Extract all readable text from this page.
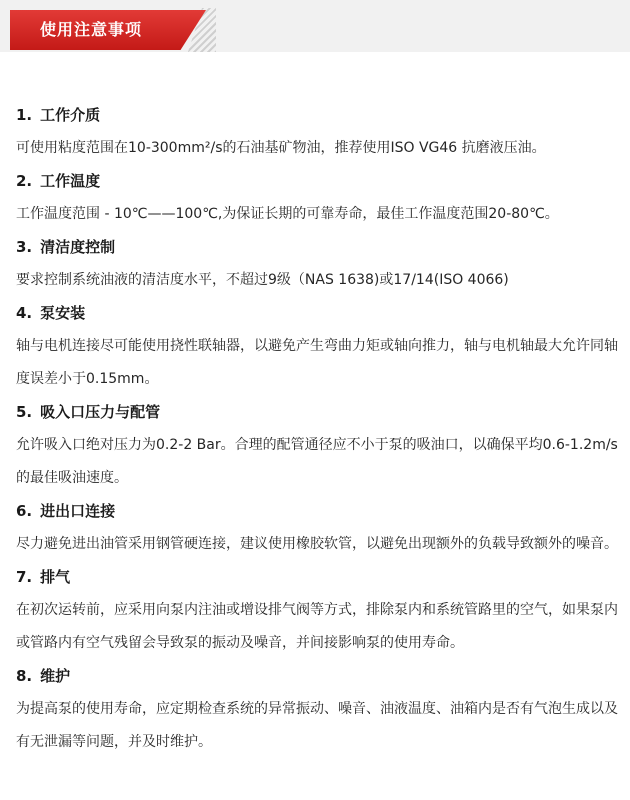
使用注意事项
1. 工作介质
可使用粘度范围在10-300mm²/s的石油基矿物油，推荐使用ISO VG46 抗磨液压油。
2. 工作温度
工作温度范围 - 10℃——100℃,为保证长期的可靠寿命，最佳工作温度范围20-80℃。
3. 清洁度控制
要求控制系统油液的清洁度水平，不超过9级（NAS 1638)或17/14(ISO 4066)
4. 泵安装
轴与电机连接尽可能使用挠性联轴器，以避免产生弯曲力矩或轴向推力，轴与电机轴最大允许同轴度误差小于0.15mm。
5. 吸入口压力与配管
允许吸入口绝对压力为0.2-2 Bar。合理的配管通径应不小于泵的吸油口，以确保平均0.6-1.2m/s的最佳吸油速度。
6. 进出口连接
尽力避免进出油管采用钢管硬连接，建议使用橡胶软管，以避免出现额外的负载导致额外的噪音。
7. 排气
在初次运转前，应采用向泵内注油或增设排气阀等方式，排除泵内和系统管路里的空气，如果泵内或管路内有空气残留会导致泵的振动及噪音，并间接影响泵的使用寿命。
8. 维护
为提高泵的使用寿命，应定期检查系统的异常振动、噪音、油液温度、油箱内是否有气泡生成以及有无泄漏等问题，并及时维护。
